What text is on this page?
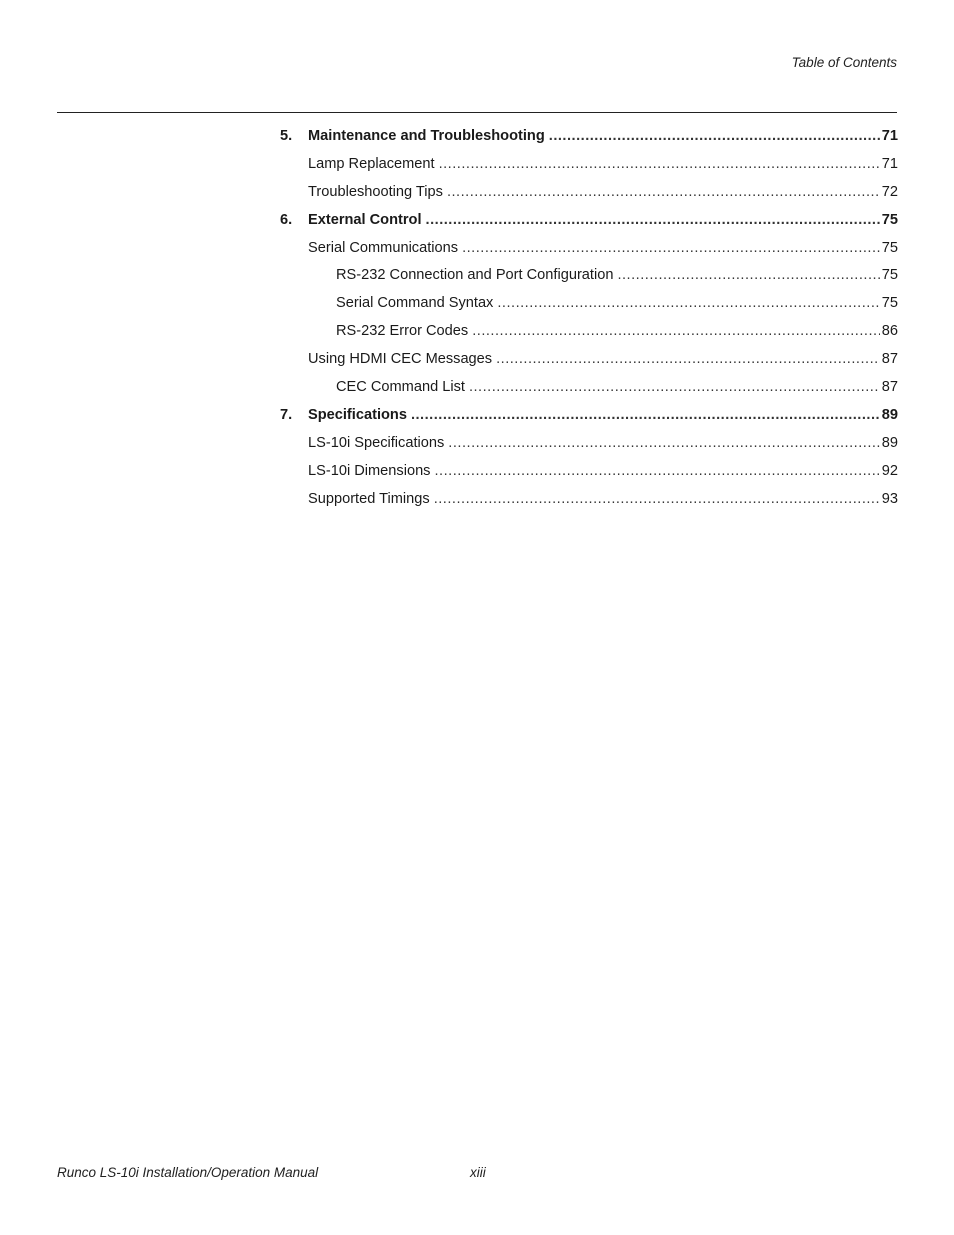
Table of Contents
5.	Maintenance and Troubleshooting .....	71
Lamp Replacement .....	71
Troubleshooting Tips .....	72
6.	External Control .....	75
Serial Communications .....	75
RS-232 Connection and Port Configuration .....	75
Serial Command Syntax .....	75
RS-232 Error Codes .....	86
Using HDMI CEC Messages .....	87
CEC Command List .....	87
7.	Specifications .....	89
LS-10i Specifications .....	89
LS-10i Dimensions .....	92
Supported Timings .....	93
Runco LS-10i Installation/Operation Manual	xiii
